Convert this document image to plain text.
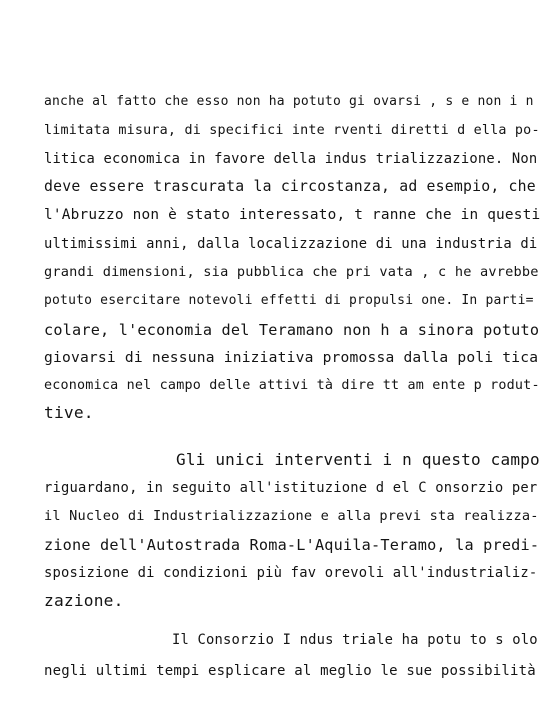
anche al fatto che esso non ha potuto gi ovarsi , s e non i n
limitata misura, di specifici inte rventi diretti d ella po-
litica economica in favore della indus trializzazione. Non
deve essere trascurata la circostanza, ad esempio, che
l'Abruzzo non è stato interessato, t ranne che in questi
ultimissimi anni, dalla localizzazione di una industria di
grandi dimensioni, sia pubblica che pri vata , c he avrebbe
potuto esercitare notevoli effetti di propulsi one. In parti=
colare, l'economia del Teramano non h a sinora potuto
giovarsi di nessuna iniziativa promossa dalla poli tica
economica nel campo delle attivi tà dire tt am ente p rodut-
tive.
Gli unici interventi i n questo campo
riguardano, in seguito all'istituzione d el C onsorzio per
il Nucleo di Industrializzazione e alla previ sta realizza-
zione dell'Autostrada Roma-L'Aquila-Teramo, la predi-
sposizione di condizioni più fav orevoli all'industrializ-
zazione.
Il Consorzio I ndus triale ha potu to s olo
negli ultimi tempi esplicare al meglio le sue possibilità
